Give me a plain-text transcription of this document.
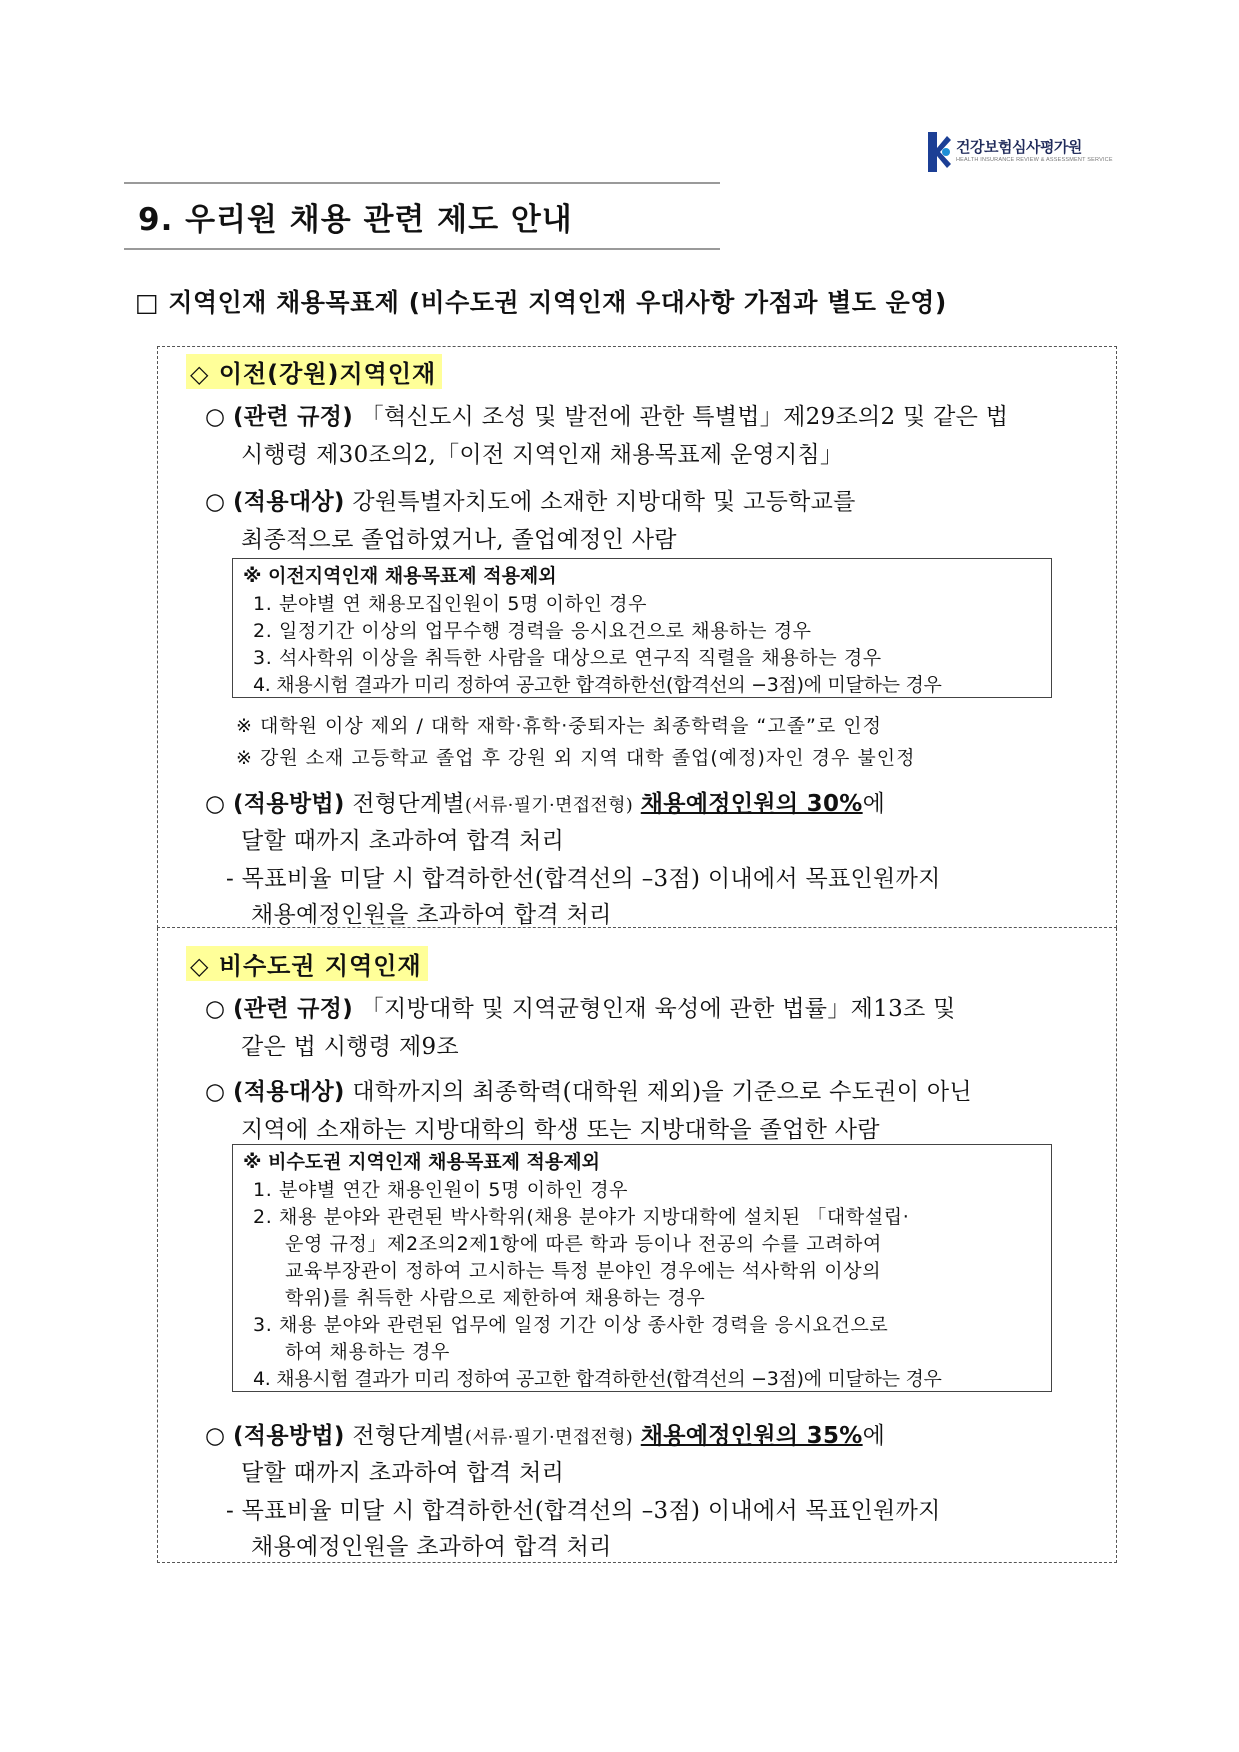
건강보험심사평가원
HEALTH INSURANCE REVIEW & ASSESSMENT SERVICE
9. 우리원 채용 관련 제도 안내
□ 지역인재 채용목표제 (비수도권 지역인재 우대사항 가점과 별도 운영)
◇ 이전(강원)지역인재
○ (관련 규정) 「혁신도시 조성 및 발전에 관한 특별법」제29조의2 및 같은 법
시행령 제30조의2,「이전 지역인재 채용목표제 운영지침」
○ (적용대상) 강원특별자치도에 소재한 지방대학 및 고등학교를
최종적으로 졸업하였거나, 졸업예정인 사람
※ 이전지역인재 채용목표제 적용제외
1. 분야별 연 채용모집인원이 5명 이하인 경우
2. 일정기간 이상의 업무수행 경력을 응시요건으로 채용하는 경우
3. 석사학위 이상을 취득한 사람을 대상으로 연구직 직렬을 채용하는 경우
4. 채용시험 결과가 미리 정하여 공고한 합격하한선(합격선의 −3점)에 미달하는 경우
※ 대학원 이상 제외 / 대학 재학·휴학·중퇴자는 최종학력을 “고졸”로 인정
※ 강원 소재 고등학교 졸업 후 강원 외 지역 대학 졸업(예정)자인 경우 불인정
○ (적용방법) 전형단계별(서류·필기·면접전형) 채용예정인원의 30%에
달할 때까지 초과하여 합격 처리
- 목표비율 미달 시 합격하한선(합격선의 –3점) 이내에서 목표인원까지
채용예정인원을 초과하여 합격 처리
◇ 비수도권 지역인재
○ (관련 규정) 「지방대학 및 지역균형인재 육성에 관한 법률」제13조 및
같은 법 시행령 제9조
○ (적용대상) 대학까지의 최종학력(대학원 제외)을 기준으로 수도권이 아닌
지역에 소재하는 지방대학의 학생 또는 지방대학을 졸업한 사람
※ 비수도권 지역인재 채용목표제 적용제외
1. 분야별 연간 채용인원이 5명 이하인 경우
2. 채용 분야와 관련된 박사학위(채용 분야가 지방대학에 설치된 「대학설립·
운영 규정」제2조의2제1항에 따른 학과 등이나 전공의 수를 고려하여
교육부장관이 정하여 고시하는 특정 분야인 경우에는 석사학위 이상의
학위)를 취득한 사람으로 제한하여 채용하는 경우
3. 채용 분야와 관련된 업무에 일정 기간 이상 종사한 경력을 응시요건으로
하여 채용하는 경우
4. 채용시험 결과가 미리 정하여 공고한 합격하한선(합격선의 −3점)에 미달하는 경우
○ (적용방법) 전형단계별(서류·필기·면접전형) 채용예정인원의 35%에
달할 때까지 초과하여 합격 처리
- 목표비율 미달 시 합격하한선(합격선의 –3점) 이내에서 목표인원까지
채용예정인원을 초과하여 합격 처리
